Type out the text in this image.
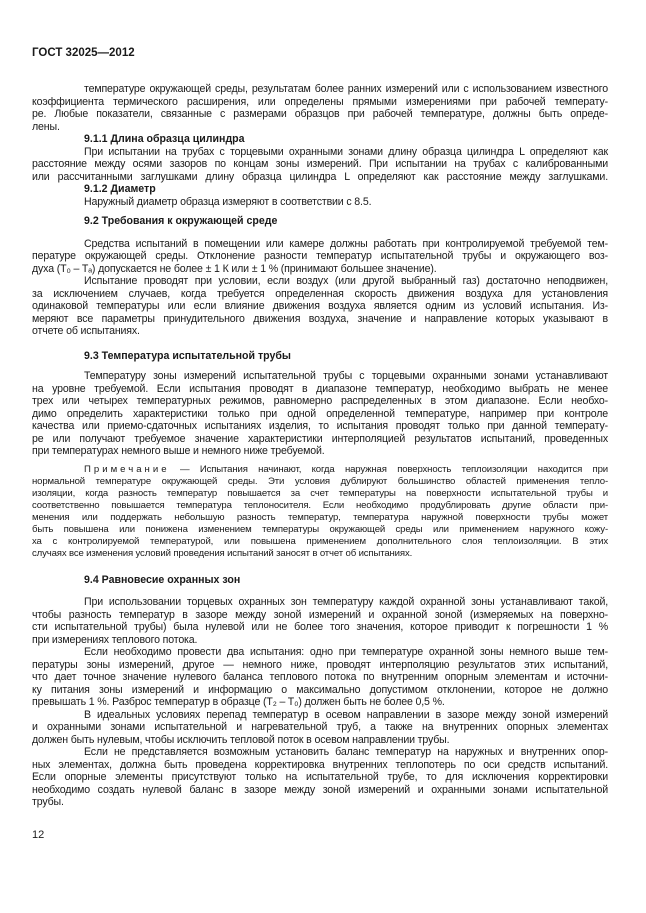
ГОСТ 32025—2012
температуре окружающей среды, результатам более ранних измерений или с использованием известного
коэффициента термического расширения, или определены прямыми измерениями при рабочей температу-
ре. Любые показатели, связанные с размерами образцов при рабочей температуре, должны быть опреде-
лены.
9.1.1 Длина образца цилиндра
При испытании на трубах с торцевыми охранными зонами длину образца цилиндра L определяют как
расстояние между осями зазоров по концам зоны измерений. При испытании на трубах с калиброванными
или рассчитанными заглушками длину образца цилиндра L определяют как расстояние между заглушками.
9.1.2 Диаметр
Наружный диаметр образца измеряют в соответствии с 8.5.
9.2 Требования к окружающей среде
Средства испытаний в помещении или камере должны работать при контролируемой требуемой тем-
пературе окружающей среды. Отклонение разности температур испытательной трубы и окружающего воз-
духа (T₀ – Tₐ) допускается не более ± 1 К или ± 1 % (принимают большее значение).
Испытание проводят при условии, если воздух (или другой выбранный газ) достаточно неподвижен,
за исключением случаев, когда требуется определенная скорость движения воздуха для установления
одинаковой температуры или если влияние движения воздуха является одним из условий испытания. Из-
меряют все параметры принудительного движения воздуха, значение и направление которых указывают в
отчете об испытаниях.
9.3 Температура испытательной трубы
Температуру зоны измерений испытательной трубы с торцевыми охранными зонами устанавливают
на уровне требуемой. Если испытания проводят в диапазоне температур, необходимо выбрать не менее
трех или четырех температурных режимов, равномерно распределенных в этом диапазоне. Если необхо-
димо определить характеристики только при одной определенной температуре, например при контроле
качества или приемо-сдаточных испытаниях изделия, то испытания проводят только при данной температу-
ре или получают требуемое значение характеристики интерполяцией результатов испытаний, проведенных
при температурах немного выше и немного ниже требуемой.
Примечание — Испытания начинают, когда наружная поверхность теплоизоляции находится при
нормальной температуре окружающей среды. Эти условия дублируют большинство областей применения тепло-
изоляции, когда разность температур повышается за счет температуры на поверхности испытательной трубы и
соответственно повышается температура теплоносителя. Если необходимо продублировать другие области при-
менения или поддержать небольшую разность температур, температура наружной поверхности трубы может
быть повышена или понижена изменением температуры окружающей среды или применением наружного кожу-
ха с контролируемой температурой, или повышена применением дополнительного слоя теплоизоляции. В этих
случаях все изменения условий проведения испытаний заносят в отчет об испытаниях.
9.4 Равновесие охранных зон
При использовании торцевых охранных зон температуру каждой охранной зоны устанавливают такой,
чтобы разность температур в зазоре между зоной измерений и охранной зоной (измеряемых на поверхно-
сти испытательной трубы) была нулевой или не более того значения, которое приводит к погрешности 1 %
при измерениях теплового потока.
Если необходимо провести два испытания: одно при температуре охранной зоны немного выше тем-
пературы зоны измерений, другое — немного ниже, проводят интерполяцию результатов этих испытаний,
что дает точное значение нулевого баланса теплового потока по внутренним опорным элементам и источни-
ку питания зоны измерений и информацию о максимально допустимом отклонении, которое не должно
превышать 1 %. Разброс температур в образце (T₂ – T₀) должен быть не более 0,5 %.
В идеальных условиях перепад температур в осевом направлении в зазоре между зоной измерений
и охранными зонами испытательной и нагревательной труб, а также на внутренних опорных элементах
должен быть нулевым, чтобы исключить тепловой поток в осевом направлении трубы.
Если не представляется возможным установить баланс температур на наружных и внутренних опор-
ных элементах, должна быть проведена корректировка внутренних теплопотерь по оси средств испытаний.
Если опорные элементы присутствуют только на испытательной трубе, то для исключения корректировки
необходимо создать нулевой баланс в зазоре между зоной измерений и охранными зонами испытательной
трубы.
12
